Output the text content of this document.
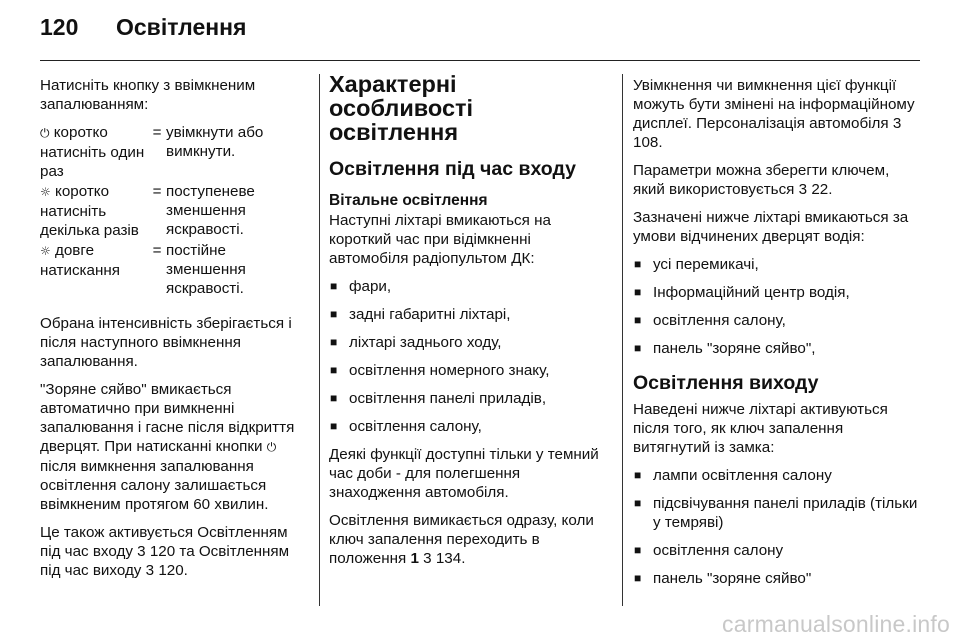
120	Освітлення

Натисніть кнопку з ввімкненим запалюванням:

⏻ коротко натисніть один раз
= увімкнути або вимкнути.
☼ коротко натисніть декілька разів
= поступеневе зменшення яскравості.
☼ довге натискання
= постійне зменшення яскравості.

Обрана інтенсивність зберігається і після наступного ввімкнення запалювання.

"Зоряне сяйво" вмикається автоматично при вимкненні запалювання і гасне після відкриття дверцят. При натисканні кнопки ⏻ після вимкнення запалювання освітлення салону залишається ввімкненим протягом 60 хвилин.

Це також активується Освітленням під час входу 3 120 та Освітленням під час виходу 3 120.

Характерні особливості освітлення
Освітлення під час входу
Вітальне освітлення

Наступні ліхтарі вмикаються на короткий час при відімкненні автомобіля радіопультом ДК:

■ фари,
■ задні габаритні ліхтарі,
■ ліхтарі заднього ходу,
■ освітлення номерного знаку,
■ освітлення панелі приладів,
■ освітлення салону,

Деякі функції доступні тільки у темний час доби - для полегшення знаходження автомобіля.

Освітлення вимикається одразу, коли ключ запалення переходить в положення 1 3 134.

Увімкнення чи вимкнення цієї функції можуть бути змінені на інформаційному дисплеї. Персоналізація автомобіля 3 108.

Параметри можна зберегти ключем, який використовується 3 22.

Зазначені нижче ліхтарі вмикаються за умови відчинених дверцят водія:

■ усі перемикачі,
■ Інформаційний центр водія,
■ освітлення салону,
■ панель "зоряне сяйво",
Освітлення виходу

Наведені нижче ліхтарі активуються після того, як ключ запалення витягнутий із замка:

■ лампи освітлення салону
■ підсвічування панелі приладів (тільки у темряві)
■ освітлення салону
■ панель "зоряне сяйво"
carmanualsonline.info
